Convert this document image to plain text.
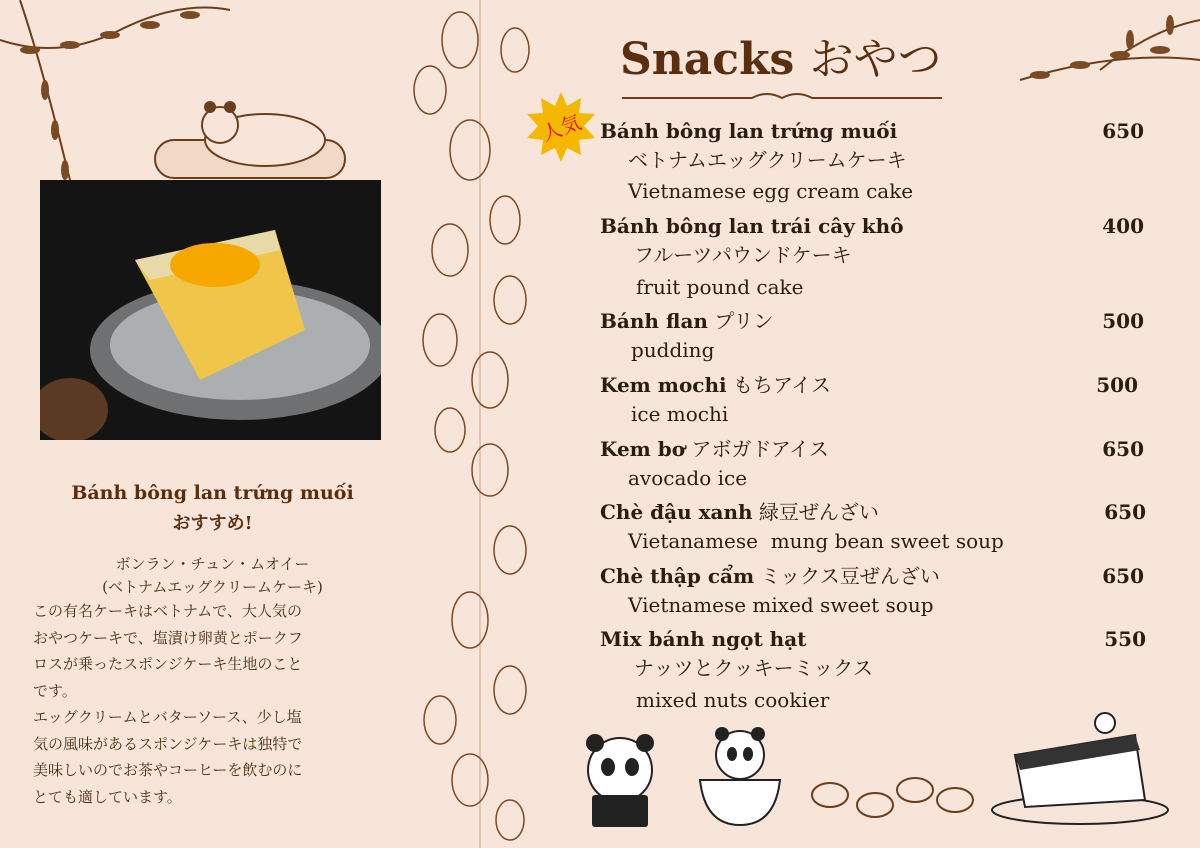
Bánh bông lan trứng muối
おすすめ!
ボンラン・チュン・ムオイー
(ベトナムエッグクリームケーキ)
この有名ケーキはベトナムで、大人気の
おやつケーキで、塩漬け卵黄とポークフ
ロスが乗ったスポンジケーキ生地のこと
です。
エッグクリームとバターソース、少し塩
気の風味があるスポンジケーキは独特で
美味しいのでお茶やコーヒーを飲むのに
とても適しています。
Snacks おやつ
人気 Bánh bông lan trứng muối	650
ベトナムエッグクリームケーキ
Vietnamese egg cream cake
Bánh bông lan trái cây khô	400
フルーツパウンドケーキ
fruit pound cake
Bánh flan プリン	500
pudding
Kem mochi もちアイス	500
ice mochi
Kem bơ アボガドアイス	650
avocado ice
Chè đậu xanh 緑豆ぜんざい	650
Vietanamese  mung bean sweet soup
Chè thập cẩm ミックス豆ぜんざい	650
Vietnamese mixed sweet soup
Mix bánh ngọt hạt	550
ナッツとクッキーミックス
mixed nuts cookier
